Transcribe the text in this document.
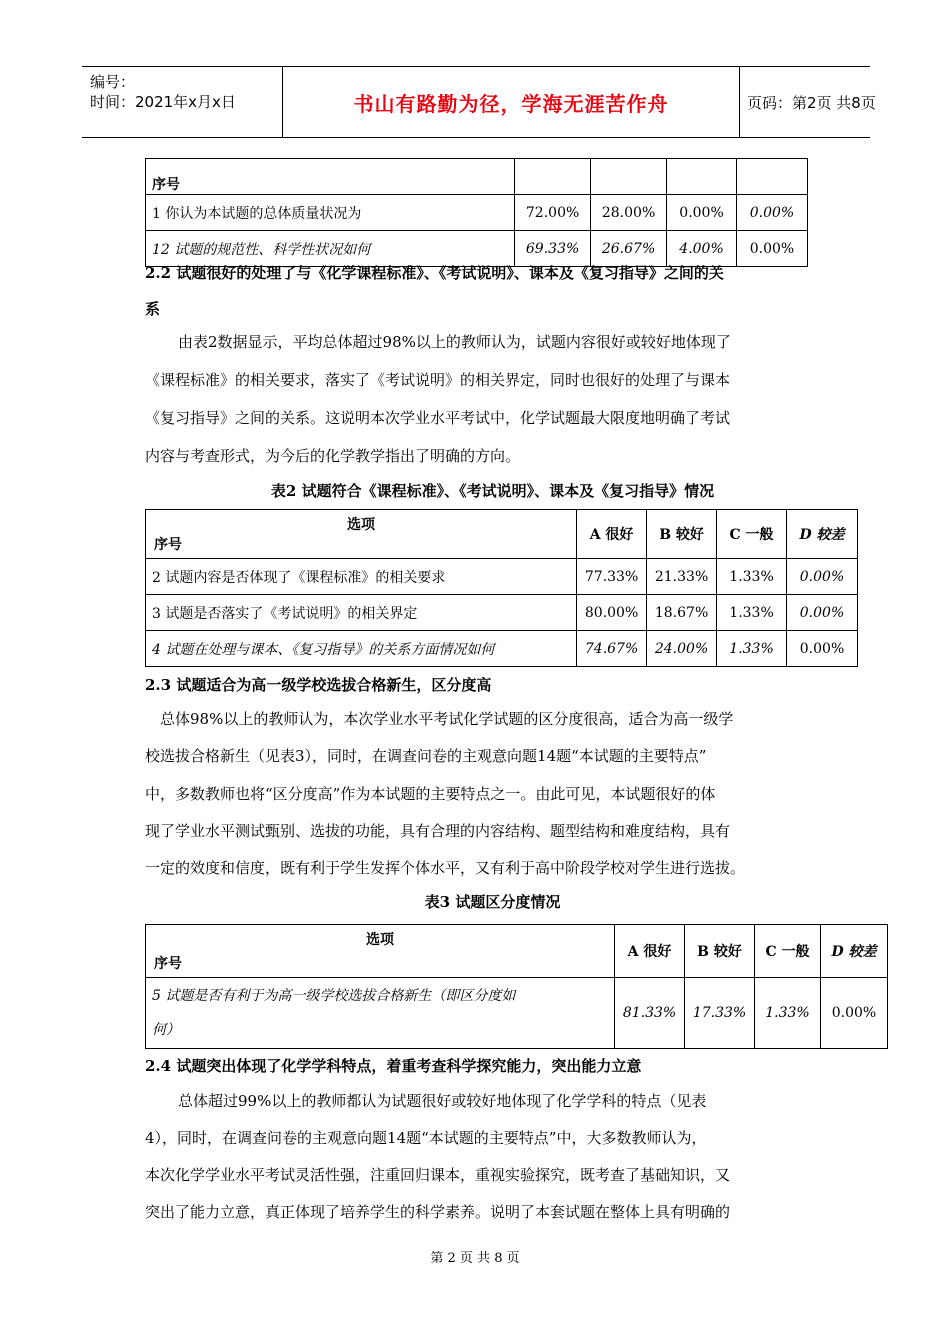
编号：
时间：2021年x月x日	书山有路勤为径，学海无涯苦作舟	页码：第2页 共8页
序号				
1 你认为本试题的总体质量状况为	72.00%	28.00%	0.00%	0.00%
12 试题的规范性、科学性状况如何	69.33%	26.67%	4.00%	0.00%
2.2 试题很好的处理了与《化学课程标准》、《考试说明》、课本及《复习指导》之间的关
系
由表2数据显示，平均总体超过98%以上的教师认为，试题内容很好或较好地体现了
《课程标准》的相关要求，落实了《考试说明》的相关界定，同时也很好的处理了与课本
《复习指导》之间的关系。这说明本次学业水平考试中，化学试题最大限度地明确了考试
内容与考查形式，为今后的化学教学指出了明确的方向。
表2 试题符合《课程标准》、《考试说明》、课本及《复习指导》情况
选项
序号	A 很好	B 较好	C 一般	D 较差
2 试题内容是否体现了《课程标准》的相关要求	77.33%	21.33%	1.33%	0.00%
3 试题是否落实了《考试说明》的相关界定	80.00%	18.67%	1.33%	0.00%
4 试题在处理与课本、《复习指导》的关系方面情况如何	74.67%	24.00%	1.33%	0.00%
2.3 试题适合为高一级学校选拔合格新生，区分度高
总体98%以上的教师认为，本次学业水平考试化学试题的区分度很高，适合为高一级学
校选拔合格新生（见表3），同时，在调查问卷的主观意向题14题“本试题的主要特点”
中，多数教师也将“区分度高”作为本试题的主要特点之一。由此可见，本试题很好的体
现了学业水平测试甄别、选拔的功能，具有合理的内容结构、题型结构和难度结构，具有
一定的效度和信度，既有利于学生发挥个体水平，又有利于高中阶段学校对学生进行选拔。
表3 试题区分度情况
选项
序号	A 很好	B 较好	C 一般	D 较差

5 试题是否有利于为高一级学校选拔合格新生（即区分度如
何）	81.33%	17.33%	1.33%	0.00%
2.4 试题突出体现了化学学科特点，着重考查科学探究能力，突出能力立意
总体超过99%以上的教师都认为试题很好或较好地体现了化学学科的特点（见表
4），同时，在调查问卷的主观意向题14题“本试题的主要特点”中，大多数教师认为，
本次化学学业水平考试灵活性强，注重回归课本，重视实验探究，既考查了基础知识，又
突出了能力立意，真正体现了培养学生的科学素养。说明了本套试题在整体上具有明确的
第 2 页 共 8 页
